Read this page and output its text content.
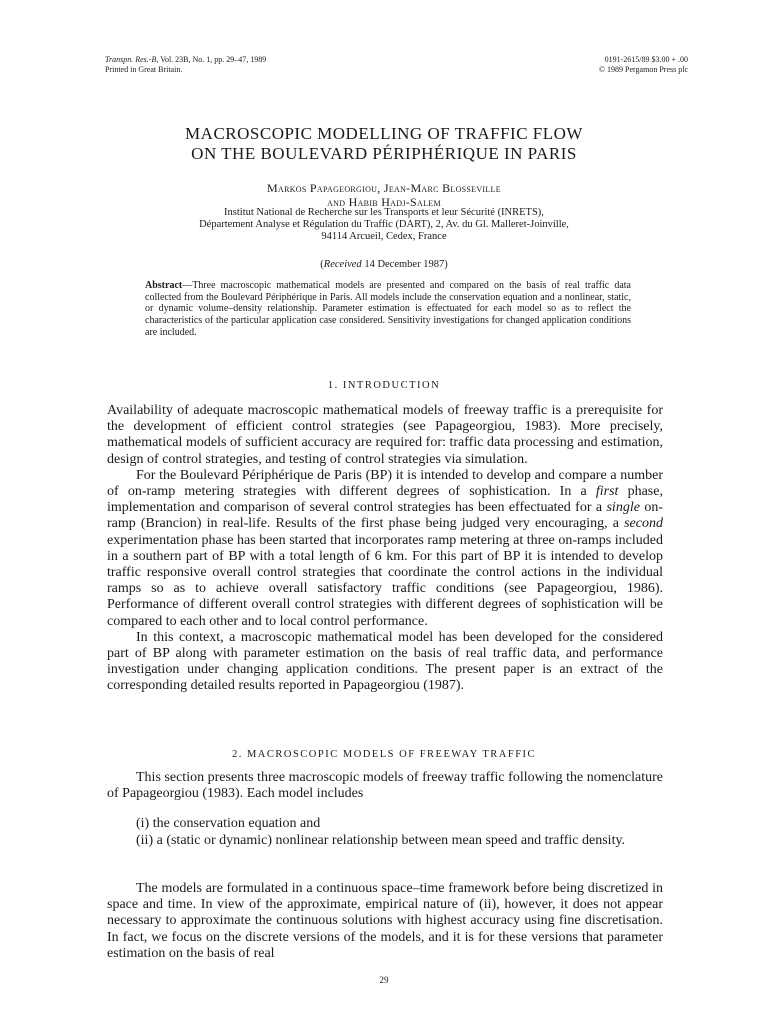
Transpn. Res.-B, Vol. 23B, No. 1, pp. 29–47, 1989
Printed in Great Britain.
0191-2615/89 $3.00 + .00
© 1989 Pergamon Press plc
MACROSCOPIC MODELLING OF TRAFFIC FLOW
ON THE BOULEVARD PÉRIPHÉRIQUE IN PARIS
Markos Papageorgiou, Jean-Marc Blosseville
and Habib Hadj-Salem
Institut National de Recherche sur les Transports et leur Sécurité (INRETS),
Département Analyse et Régulation du Traffic (DART), 2, Av. du Gl. Malleret-Joinville,
94114 Arcueil, Cedex, France
(Received 14 December 1987)
Abstract—Three macroscopic mathematical models are presented and compared on the basis of real traffic data collected from the Boulevard Périphérique in Paris. All models include the conservation equation and a nonlinear, static, or dynamic volume–density relationship. Parameter estimation is effectuated for each model so as to reflect the characteristics of the particular application case considered. Sensitivity investigations for changed application conditions are included.
1. INTRODUCTION

Availability of adequate macroscopic mathematical models of freeway traffic is a prerequisite for the development of efficient control strategies (see Papageorgiou, 1983). More precisely, mathematical models of sufficient accuracy are required for: traffic data processing and estimation, design of control strategies, and testing of control strategies via simulation.

For the Boulevard Périphérique de Paris (BP) it is intended to develop and compare a number of on-ramp metering strategies with different degrees of sophistication. In a first phase, implementation and comparison of several control strategies has been effectuated for a single on-ramp (Brancion) in real-life. Results of the first phase being judged very encouraging, a second experimentation phase has been started that incorporates ramp metering at three on-ramps included in a southern part of BP with a total length of 6 km. For this part of BP it is intended to develop traffic responsive overall control strategies that coordinate the control actions in the individual ramps so as to achieve overall satisfactory traffic conditions (see Papageorgiou, 1986). Performance of different overall control strategies with different degrees of sophistication will be compared to each other and to local control performance.

In this context, a macroscopic mathematical model has been developed for the considered part of BP along with parameter estimation on the basis of real traffic data, and performance investigation under changing application conditions. The present paper is an extract of the corresponding detailed results reported in Papageorgiou (1987).

2. MACROSCOPIC MODELS OF FREEWAY TRAFFIC

This section presents three macroscopic models of freeway traffic following the nomenclature of Papageorgiou (1983). Each model includes

(i) the conservation equation and

(ii) a (static or dynamic) nonlinear relationship between mean speed and traffic density.

The models are formulated in a continuous space–time framework before being discretized in space and time. In view of the approximate, empirical nature of (ii), however, it does not appear necessary to approximate the continuous solutions with highest accuracy using fine discretisation. In fact, we focus on the discrete versions of the models, and it is for these versions that parameter estimation on the basis of real

29
